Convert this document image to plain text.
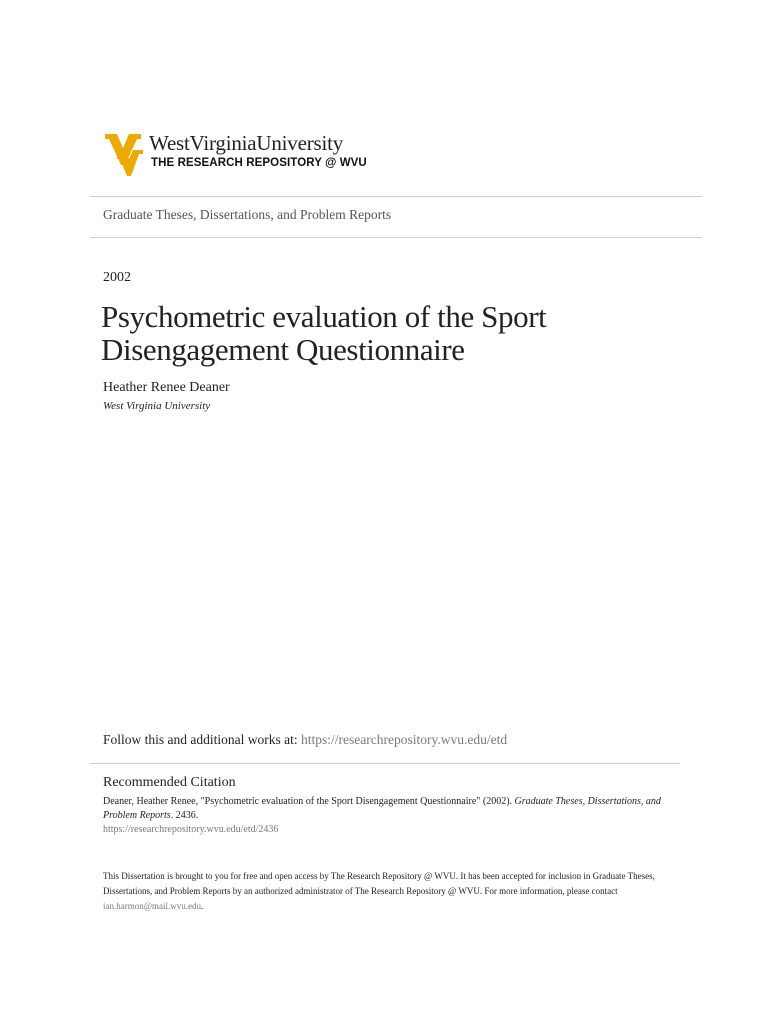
WestVirginiaUniversity
THE RESEARCH REPOSITORY @ WVU
Graduate Theses, Dissertations, and Problem Reports
2002
Psychometric evaluation of the Sport
Disengagement Questionnaire
Heather Renee Deaner
West Virginia University
Follow this and additional works at: https://researchrepository.wvu.edu/etd
Recommended Citation
Deaner, Heather Renee, "Psychometric evaluation of the Sport Disengagement Questionnaire" (2002). Graduate Theses, Dissertations, and Problem Reports. 2436.
https://researchrepository.wvu.edu/etd/2436
This Dissertation is brought to you for free and open access by The Research Repository @ WVU. It has been accepted for inclusion in Graduate Theses, Dissertations, and Problem Reports by an authorized administrator of The Research Repository @ WVU. For more information, please contact ian.harmon@mail.wvu.edu.
